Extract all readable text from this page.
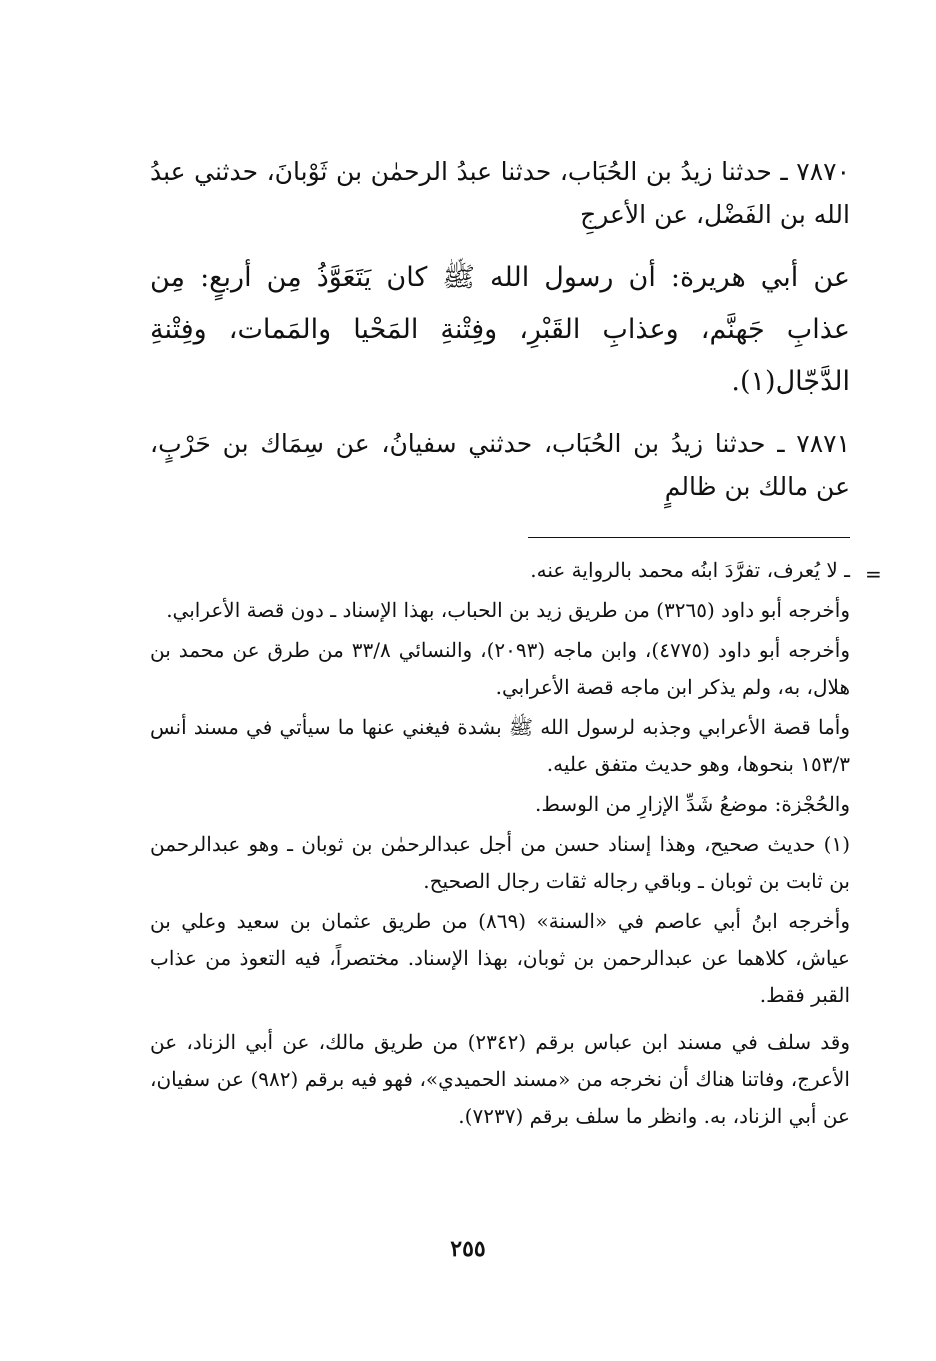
٧٨٧٠ ـ حدثنا زيدُ بن الحُبَاب، حدثنا عبدُ الرحمٰن بن ثَوْبانَ، حدثني عبدُ الله بن الفَضْل، عن الأعرجِ

عن أبي هريرة: أن رسول الله ﷺ كان يَتَعَوَّذُ مِن أربعٍ: مِن عذابِ جَهنَّم، وعذابِ القَبْرِ، وفِتْنةِ المَحْيا والمَمات، وفِتْنةِ الدَّجّال(١).

٧٨٧١ ـ حدثنا زيدُ بن الحُبَاب، حدثني سفيانُ، عن سِمَاك بن حَرْبٍ، عن مالك بن ظالمٍ

=

ـ لا يُعرف، تفرَّدَ ابنُه محمد بالرواية عنه.

وأخرجه أبو داود (٣٢٦٥) من طريق زيد بن الحباب، بهذا الإسناد ـ دون قصة الأعرابي.

وأخرجه أبو داود (٤٧٧٥)، وابن ماجه (٢٠٩٣)، والنسائي ٣٣/٨ من طرق عن محمد بن هلال، به، ولم يذكر ابن ماجه قصة الأعرابي.

وأما قصة الأعرابي وجذبه لرسول الله ﷺ بشدة فيغني عنها ما سيأتي في مسند أنس ١٥٣/٣ بنحوها، وهو حديث متفق عليه.

والحُجْزة: موضعُ شَدِّ الإزارِ من الوسط.

(١) حديث صحيح، وهذا إسناد حسن من أجل عبدالرحمٰن بن ثوبان ـ وهو عبدالرحمن بن ثابت بن ثوبان ـ وباقي رجاله ثقات رجال الصحيح.

وأخرجه ابنُ أبي عاصم في «السنة» (٨٦٩) من طريق عثمان بن سعيد وعلي بن عياش، كلاهما عن عبدالرحمن بن ثوبان، بهذا الإسناد. مختصراً، فيه التعوذ من عذاب القبر فقط.

وقد سلف في مسند ابن عباس برقم (٢٣٤٢) من طريق مالك، عن أبي الزناد، عن الأعرج، وفاتنا هناك أن نخرجه من «مسند الحميدي»، فهو فيه برقم (٩٨٢) عن سفيان، عن أبي الزناد، به. وانظر ما سلف برقم (٧٢٣٧).

٢٥٥
